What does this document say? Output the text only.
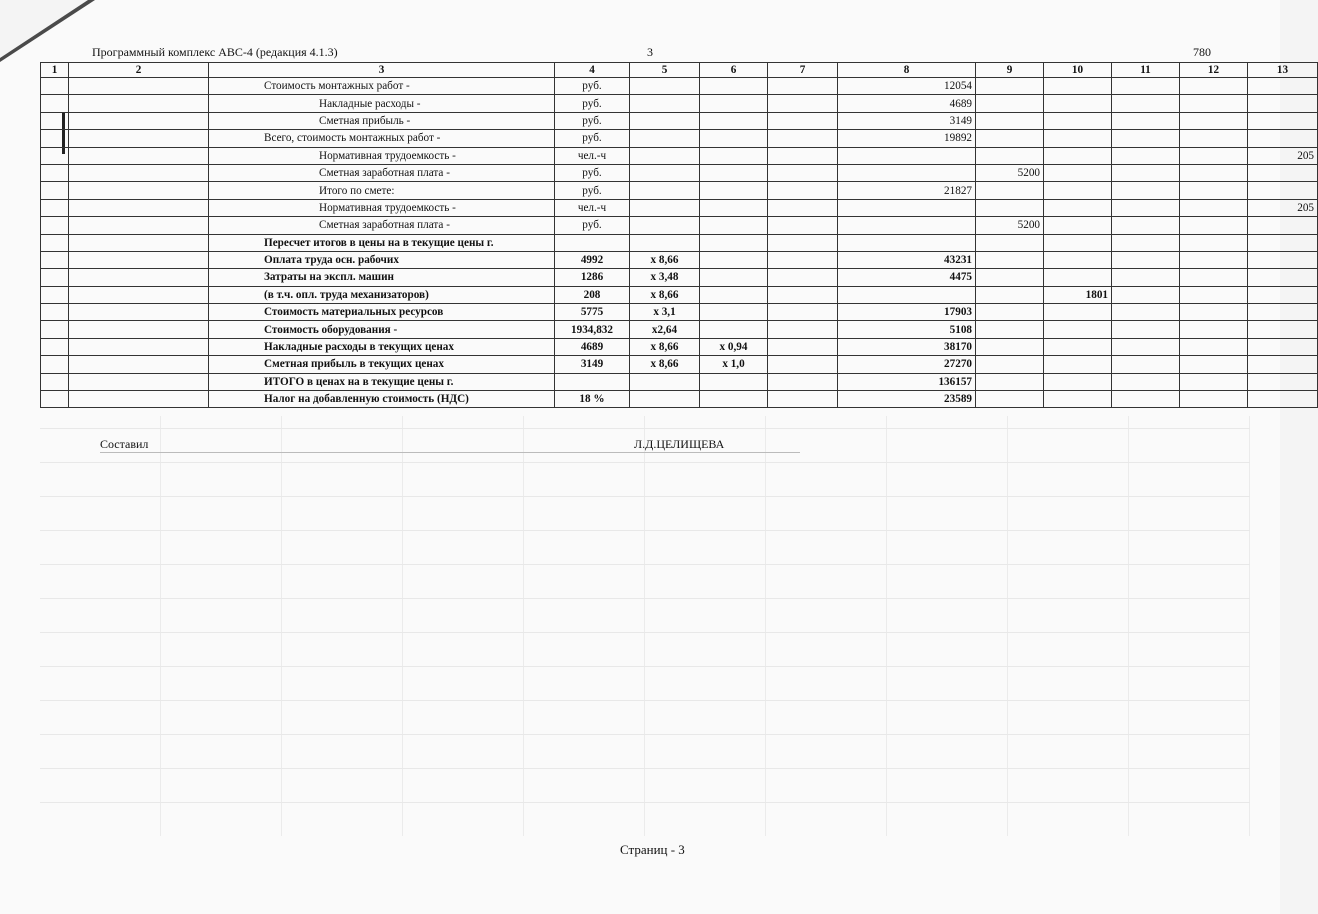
Программный комплекс АВС-4 (редакция 4.1.3)	3	780
1	2	3	4	5	6	7	8	9	10	11	12	13
		Стоимость монтажных работ -	руб.				12054					
		Накладные расходы -	руб.				4689					
		Сметная прибыль -	руб.				3149					
		Всего, стоимость монтажных работ -	руб.				19892					
		Нормативная трудоемкость -	чел.-ч									205
		Сметная заработная плата -	руб.					5200				
		Итого по смете:	руб.				21827					
		Нормативная трудоемкость -	чел.-ч									205
		Сметная заработная плата -	руб.					5200				
		Пересчет итогов в цены на в текущие цены г.										
		Оплата труда осн. рабочих	4992	х 8,66			43231					
		Затраты на экспл. машин	1286	х 3,48			4475					
		(в т.ч. опл. труда механизаторов)	208	х 8,66					1801			
		Стоимость материальных ресурсов	5775	х 3,1			17903					
		Стоимость оборудования -	1934,832	х2,64			5108					
		Накладные расходы в текущих ценах	4689	х 8,66	х 0,94		38170					
		Сметная прибыль в текущих ценах	3149	х 8,66	х 1,0		27270					
		ИТОГО в ценах на в текущие цены г.					136157					
		Налог на добавленную стоимость (НДС)	18 %				23589					
Составил	Л.Д.ЦЕЛИЩЕВА
Страниц - 3
